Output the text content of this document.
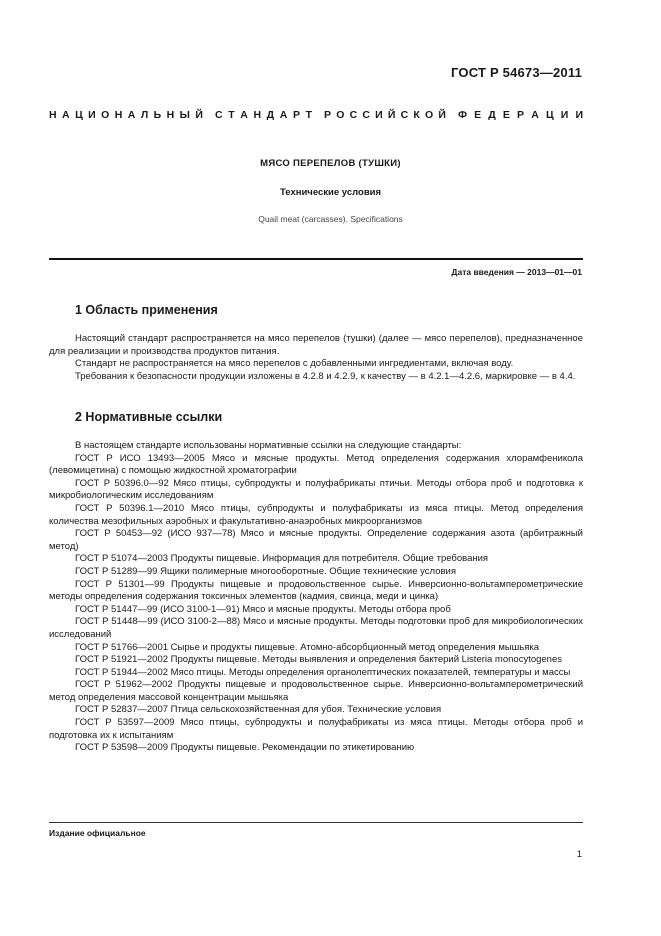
ГОСТ Р 54673—2011
Н А Ц И О Н А Л Ь Н Ы Й С Т А Н Д А Р Т Р О С С И Й С К О Й Ф Е Д Е Р А Ц И И
МЯСО ПЕРЕПЕЛОВ (ТУШКИ)
Технические условия
Quail meat (carcasses). Specifications
Дата введения — 2013—01—01
1 Область применения

Настоящий стандарт распространяется на мясо перепелов (тушки) (далее — мясо перепелов), предназначенное для реализации и производства продуктов питания.

Стандарт не распространяется на мясо перепелов с добавленными ингредиентами, включая воду.

Требования к безопасности продукции изложены в 4.2.8 и 4.2.9, к качеству — в 4.2.1—4.2.6, маркировке — в 4.4.

2 Нормативные ссылки

В настоящем стандарте использованы нормативные ссылки на следующие стандарты:

ГОСТ Р ИСО 13493—2005 Мясо и мясные продукты. Метод определения содержания хлорамфеникола (левомицетина) с помощью жидкостной хроматографии

ГОСТ Р 50396.0—92 Мясо птицы, субпродукты и полуфабрикаты птичьи. Методы отбора проб и подготовка к микробиологическим исследованиям

ГОСТ Р 50396.1—2010 Мясо птицы, субпродукты и полуфабрикаты из мяса птицы. Метод определения количества мезофильных аэробных и факультативно-анаэробных микроорганизмов

ГОСТ Р 50453—92 (ИСО 937—78) Мясо и мясные продукты. Определение содержания азота (арбитражный метод)

ГОСТ Р 51074—2003 Продукты пищевые. Информация для потребителя. Общие требования

ГОСТ Р 51289—99 Ящики полимерные многооборотные. Общие технические условия

ГОСТ Р 51301—99 Продукты пищевые и продовольственное сырье. Инверсионно-вольтамперометрические методы определения содержания токсичных элементов (кадмия, свинца, меди и цинка)

ГОСТ Р 51447—99 (ИСО 3100-1—91) Мясо и мясные продукты. Методы отбора проб

ГОСТ Р 51448—99 (ИСО 3100-2—88) Мясо и мясные продукты. Методы подготовки проб для микробиологических исследований

ГОСТ Р 51766—2001 Сырье и продукты пищевые. Атомно-абсорбционный метод определения мышьяка

ГОСТ Р 51921—2002 Продукты пищевые. Методы выявления и определения бактерий Listeria monocytogenes

ГОСТ Р 51944—2002 Мясо птицы. Методы определения органолептических показателей, температуры и массы

ГОСТ Р 51962—2002 Продукты пищевые и продовольственное сырье. Инверсионно-вольтамперометрический метод определения массовой концентрации мышьяка

ГОСТ Р 52837—2007 Птица сельскохозяйственная для убоя. Технические условия

ГОСТ Р 53597—2009 Мясо птицы, субпродукты и полуфабрикаты из мяса птицы. Методы отбора проб и подготовка их к испытаниям

ГОСТ Р 53598—2009 Продукты пищевые. Рекомендации по этикетированию

Издание официальное
1
